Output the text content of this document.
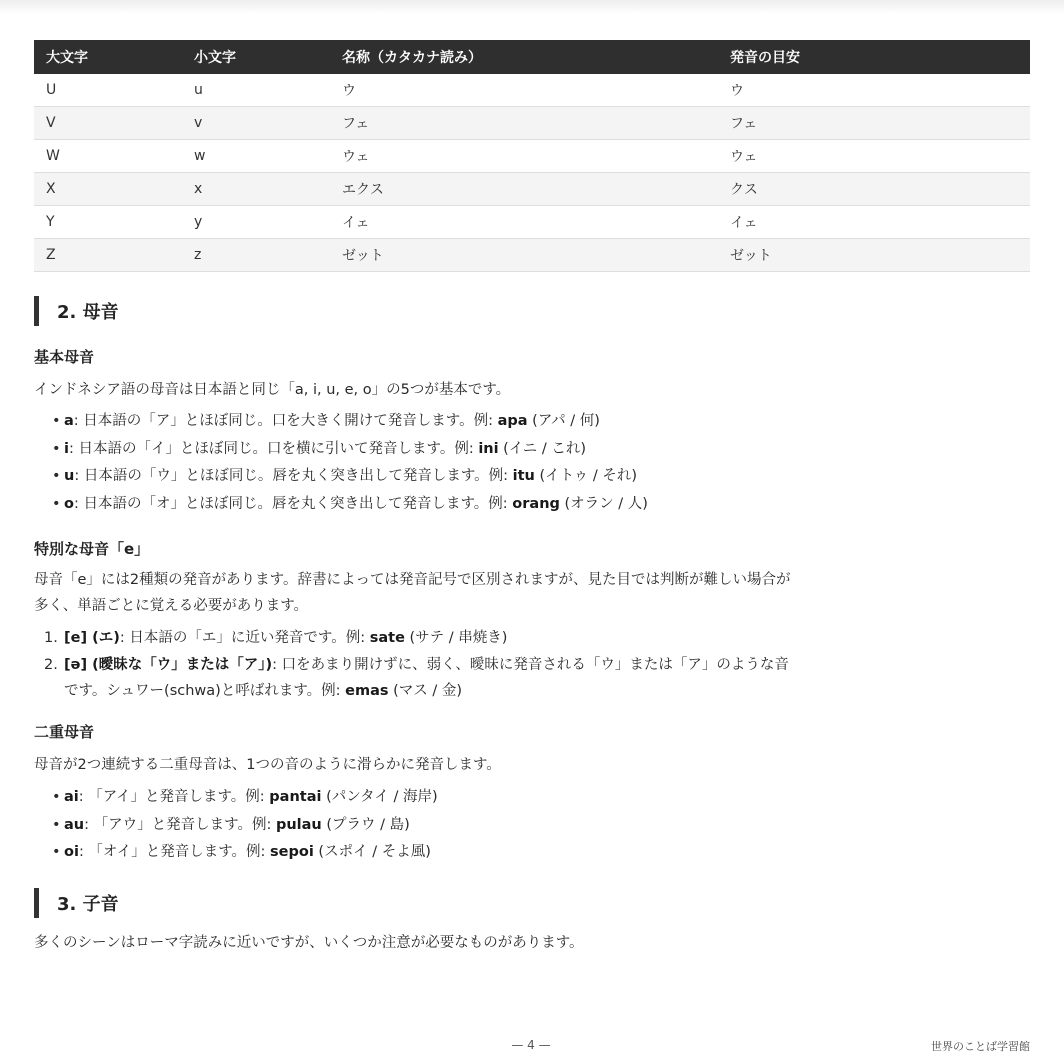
大文字	小文字	名称（カタカナ読み）	発音の目安
U	u	ウ	ウ
V	v	フェ	フェ
W	w	ウェ	ウェ
X	x	エクス	クス
Y	y	イェ	イェ
Z	z	ゼット	ゼット
2. 母音
基本母音
インドネシア語の母音は日本語と同じ「a, i, u, e, o」の5つが基本です。
• a: 日本語の「ア」とほぼ同じ。口を大きく開けて発音します。例: apa (アパ / 何)
• i: 日本語の「イ」とほぼ同じ。口を横に引いて発音します。例: ini (イニ / これ)
• u: 日本語の「ウ」とほぼ同じ。唇を丸く突き出して発音します。例: itu (イトゥ / それ)
• o: 日本語の「オ」とほぼ同じ。唇を丸く突き出して発音します。例: orang (オラン / 人)
特別な母音「e」
母音「e」には2種類の発音があります。辞書によっては発音記号で区別されますが、見た目では判断が難しい場合が
多く、単語ごとに覚える必要があります。
1. [e] (エ): 日本語の「エ」に近い発音です。例: sate (サテ / 串焼き)
2. [ə] (曖昧な「ウ」または「ア」): 口をあまり開けずに、弱く、曖昧に発音される「ウ」または「ア」のような音
です。シュワー(schwa)と呼ばれます。例: emas (マス / 金)
二重母音
母音が2つ連続する二重母音は、1つの音のように滑らかに発音します。
• ai: 「アイ」と発音します。例: pantai (パンタイ / 海岸)
• au: 「アウ」と発音します。例: pulau (プラウ / 島)
• oi: 「オイ」と発音します。例: sepoi (スポイ / そよ風)
3. 子音
多くのシーンはローマ字読みに近いですが、いくつか注意が必要なものがあります。
— 4 —	世界のことば学習館
